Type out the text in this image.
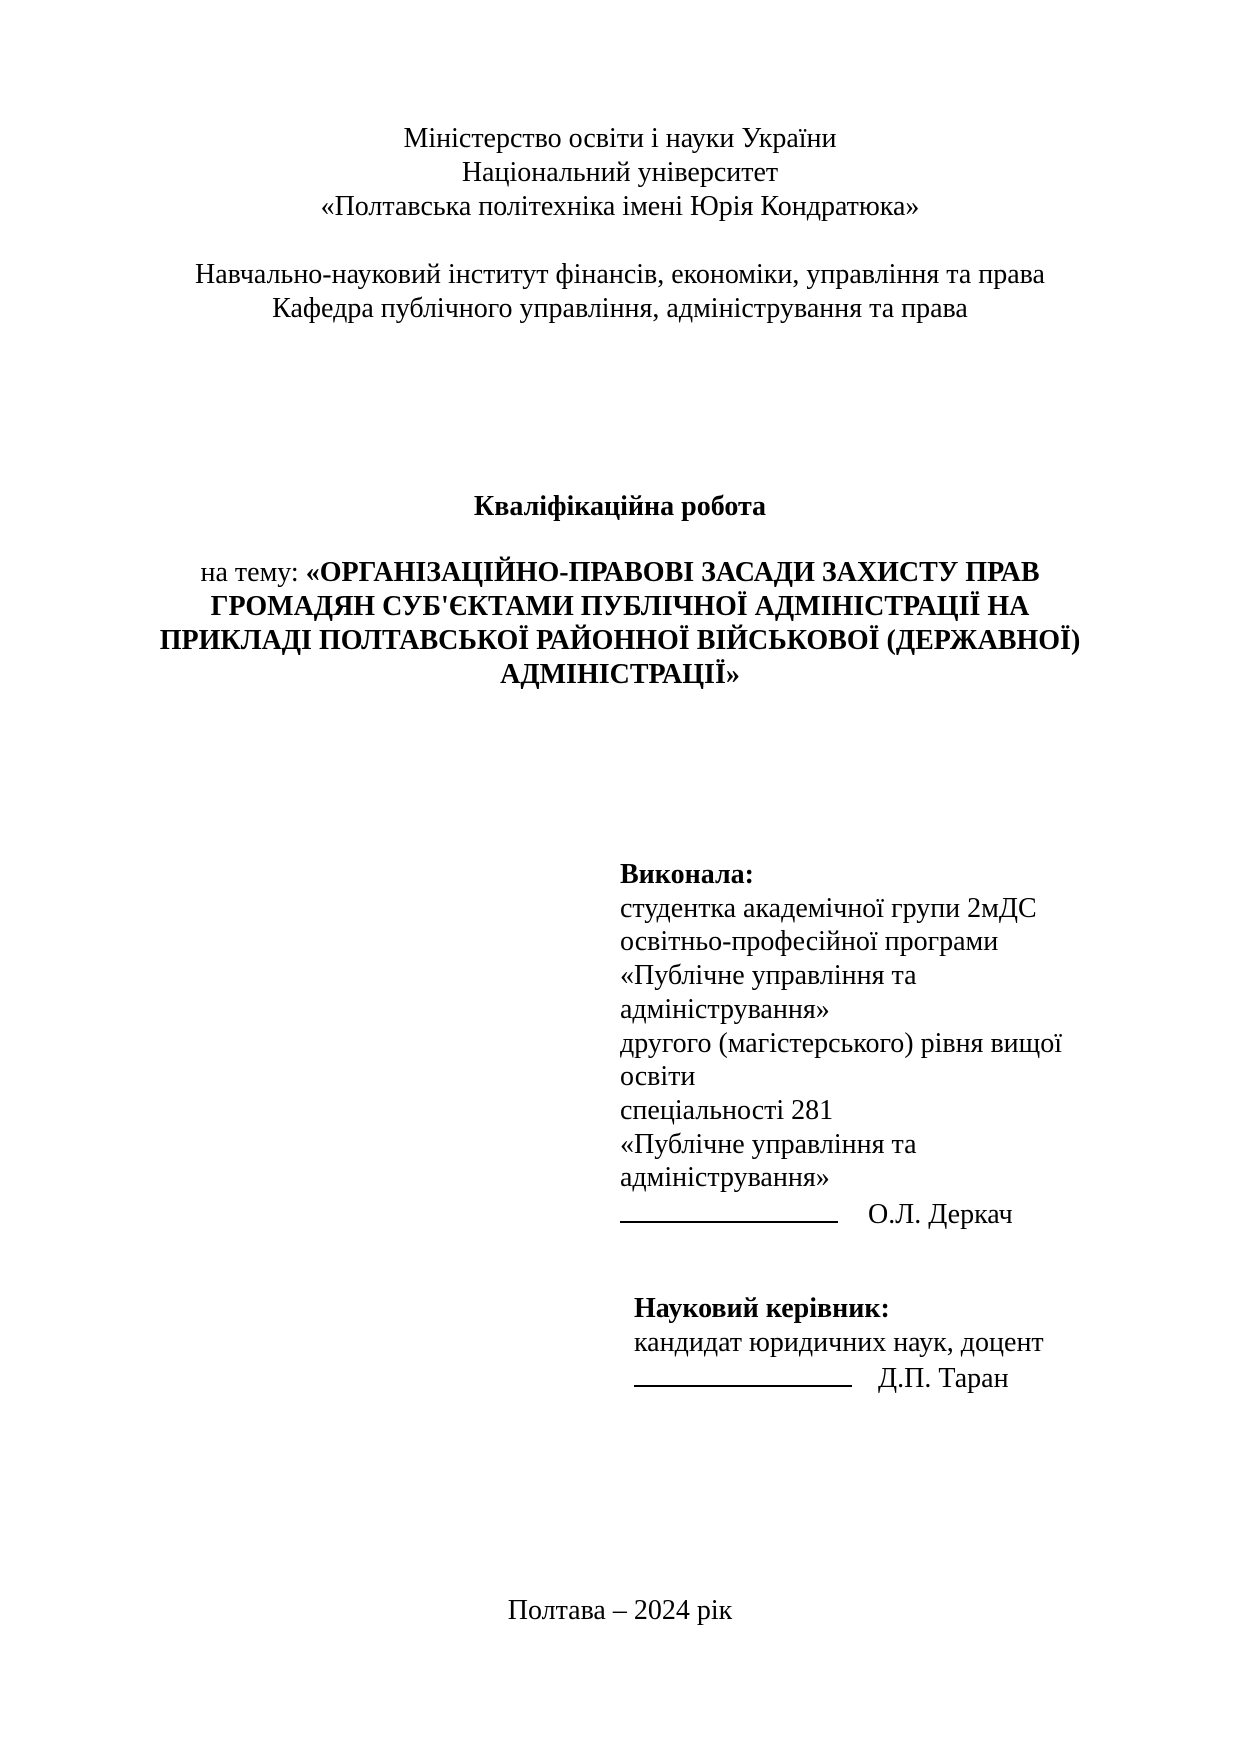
Міністерство освіти і науки України
Національний університет
«Полтавська політехніка імені Юрія Кондратюка»
Навчально-науковий інститут фінансів, економіки, управління та права
Кафедра публічного управління, адміністрування та права
Кваліфікаційна робота
на тему: «ОРГАНІЗАЦІЙНО-ПРАВОВІ ЗАСАДИ ЗАХИСТУ ПРАВ
ГРОМАДЯН СУБ'ЄКТАМИ ПУБЛІЧНОЇ АДМІНІСТРАЦІЇ НА
ПРИКЛАДІ ПОЛТАВСЬКОЇ РАЙОННОЇ ВІЙСЬКОВОЇ (ДЕРЖАВНОЇ)
АДМІНІСТРАЦІЇ»
Виконала:
студентка академічної групи 2мДС
освітньо-професійної програми
«Публічне управління та
адміністрування»
другого (магістерського) рівня вищої
освіти
спеціальності 281
«Публічне управління та
адміністрування»
О.Л. Деркач
Науковий керівник:
кандидат юридичних наук, доцент
Д.П. Таран
Полтава – 2024 рік
